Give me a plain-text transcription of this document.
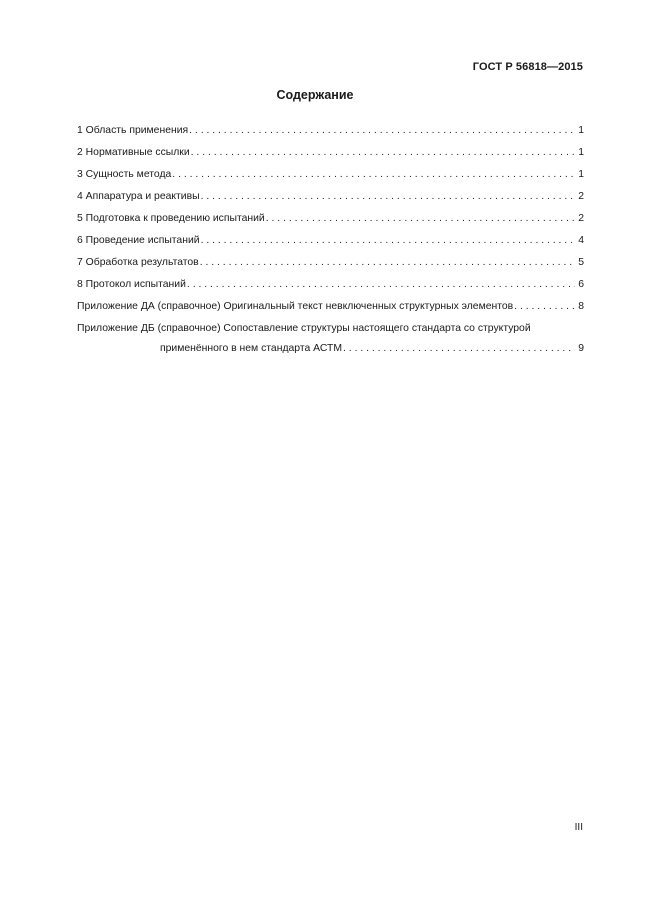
ГОСТ Р 56818—2015
Содержание
1 Область применения . . .	1
2 Нормативные ссылки . . .	1
3 Сущность метода . . .	1
4 Аппаратура и реактивы . . .	2
5 Подготовка к проведению испытаний . . .	2
6 Проведение испытаний . . .	4
7 Обработка результатов . . .	5
8 Протокол испытаний . . .	6
Приложение ДА (справочное) Оригинальный текст невключенных структурных элементов . . .	8
Приложение ДБ (справочное) Сопоставление структуры настоящего стандарта со структурой
применённого в нем стандарта АСТМ . . .	9
III
